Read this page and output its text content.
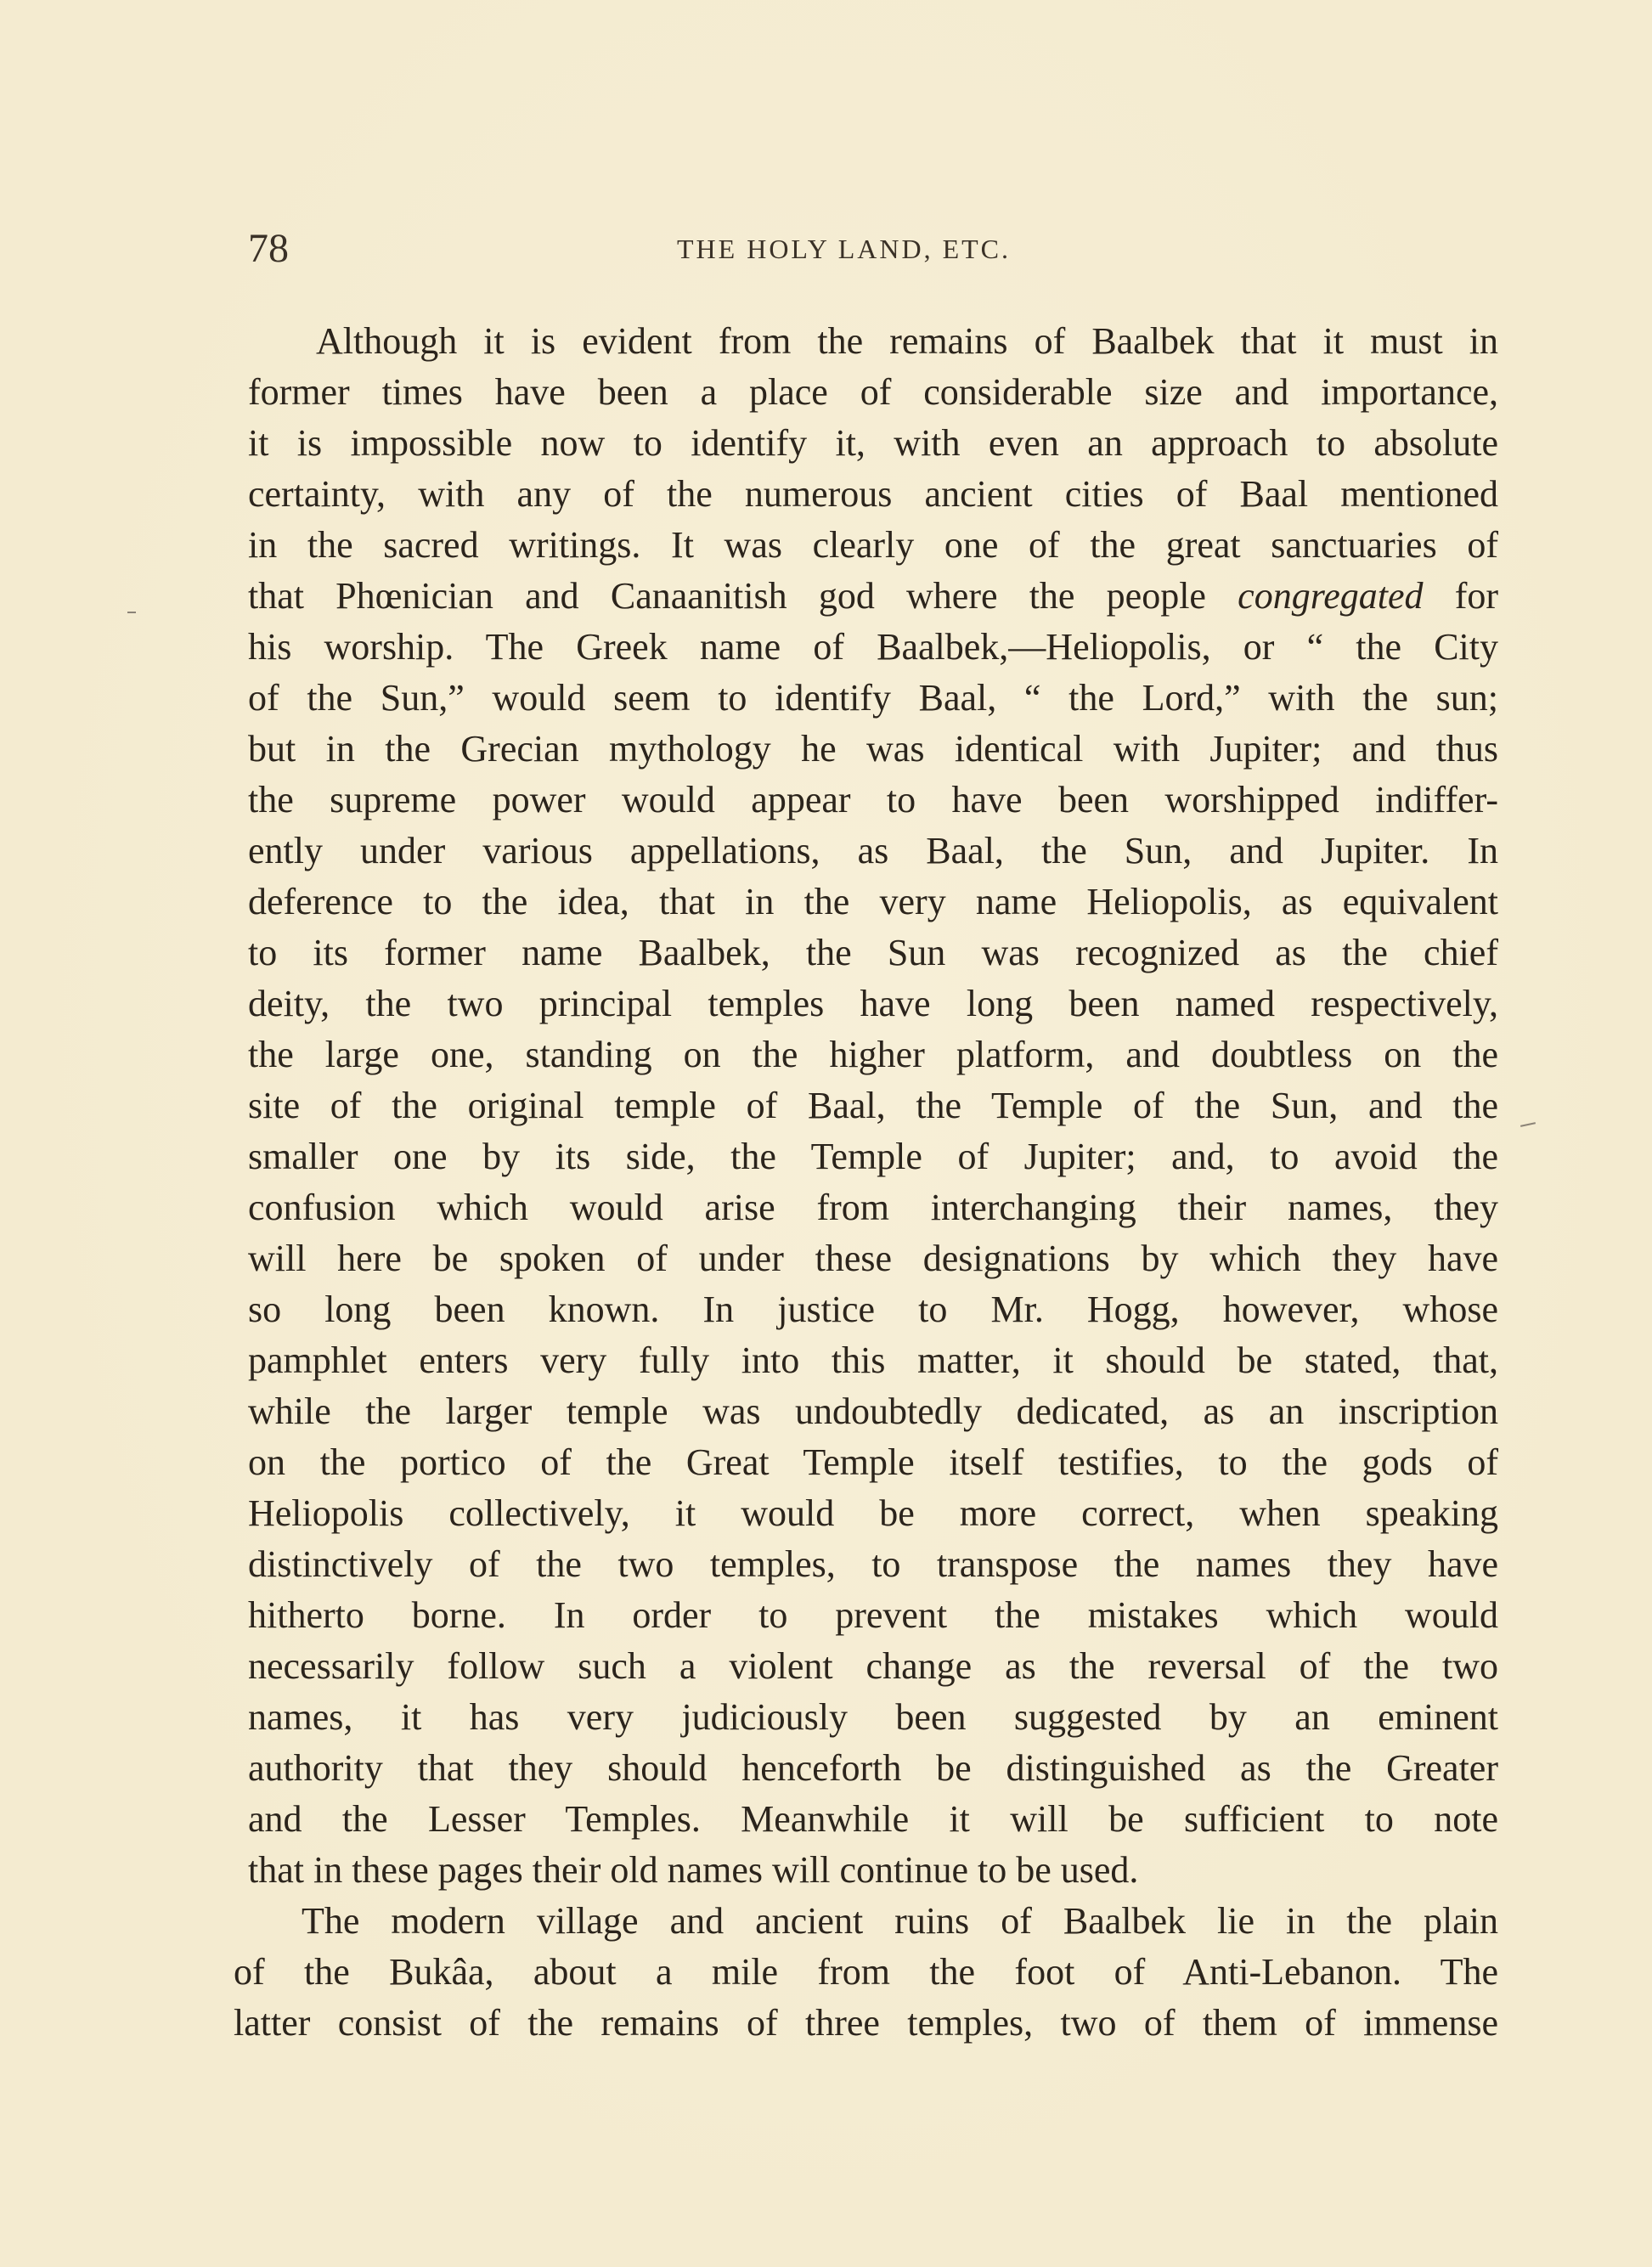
78	THE HOLY LAND, ETC.
Although it is evident from the remains of Baalbek that it must in
former times have been a place of considerable size and importance,
it is impossible now to identify it, with even an approach to absolute
certainty, with any of the numerous ancient cities of Baal mentioned
in the sacred writings. It was clearly one of the great sanctuaries of
that Phœnician and Canaanitish god where the people congregated for
his worship. The Greek name of Baalbek,—Heliopolis, or “ the City
of the Sun,” would seem to identify Baal, “ the Lord,” with the sun;
but in the Grecian mythology he was identical with Jupiter; and thus
the supreme power would appear to have been worshipped indiffer-
ently under various appellations, as Baal, the Sun, and Jupiter. In
deference to the idea, that in the very name Heliopolis, as equivalent
to its former name Baalbek, the Sun was recognized as the chief
deity, the two principal temples have long been named respectively,
the large one, standing on the higher platform, and doubtless on the
site of the original temple of Baal, the Temple of the Sun, and the
smaller one by its side, the Temple of Jupiter; and, to avoid the
confusion which would arise from interchanging their names, they
will here be spoken of under these designations by which they have
so long been known. In justice to Mr. Hogg, however, whose
pamphlet enters very fully into this matter, it should be stated, that,
while the larger temple was undoubtedly dedicated, as an inscription
on the portico of the Great Temple itself testifies, to the gods of
Heliopolis collectively, it would be more correct, when speaking
distinctively of the two temples, to transpose the names they have
hitherto borne. In order to prevent the mistakes which would
necessarily follow such a violent change as the reversal of the two
names, it has very judiciously been suggested by an eminent
authority that they should henceforth be distinguished as the Greater
and the Lesser Temples. Meanwhile it will be sufficient to note
that in these pages their old names will continue to be used.
The modern village and ancient ruins of Baalbek lie in the plain
of the Bukâa, about a mile from the foot of Anti-Lebanon. The
latter consist of the remains of three temples, two of them of immense
